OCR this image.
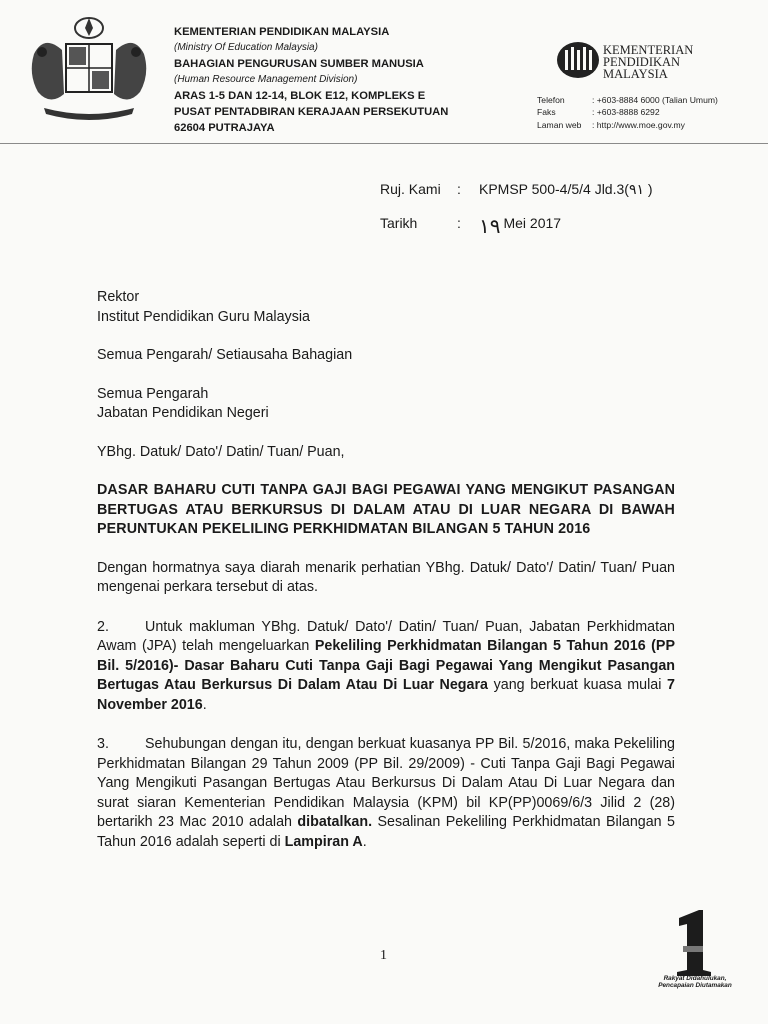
KEMENTERIAN PENDIDIKAN MALAYSIA
(Ministry Of Education Malaysia)
BAHAGIAN PENGURUSAN SUMBER MANUSIA
(Human Resource Management Division)
ARAS 1-5 DAN 12-14, BLOK E12, KOMPLEKS E
PUSAT PENTADBIRAN KERAJAAN PERSEKUTUAN
62604 PUTRAJAYA
KEMENTERIAN
PENDIDIKAN
MALAYSIA
Telefon	: +603-8884 6000 (Talian Umum)
Faks	: +603-8888 6292
Laman web	: http://www.moe.gov.my
Ruj. Kami	:	KPMSP 500-4/5/4 Jld.3(٩١ )
Tarikh	: ١٩ Mei 2017

Rektor
Institut Pendidikan Guru Malaysia

Semua Pengarah/ Setiausaha Bahagian

Semua Pengarah
Jabatan Pendidikan Negeri

YBhg. Datuk/ Dato'/ Datin/ Tuan/ Puan,

DASAR BAHARU CUTI TANPA GAJI BAGI PEGAWAI YANG MENGIKUT PASANGAN BERTUGAS ATAU BERKURSUS DI DALAM ATAU DI LUAR NEGARA DI BAWAH PERUNTUKAN PEKELILING PERKHIDMATAN BILANGAN 5 TAHUN 2016

Dengan hormatnya saya diarah menarik perhatian YBhg. Datuk/ Dato'/ Datin/ Tuan/ Puan mengenai perkara tersebut di atas.

2.	Untuk makluman YBhg. Datuk/ Dato'/ Datin/ Tuan/ Puan, Jabatan Perkhidmatan Awam (JPA) telah mengeluarkan Pekeliling Perkhidmatan Bilangan 5 Tahun 2016 (PP Bil. 5/2016)- Dasar Baharu Cuti Tanpa Gaji Bagi Pegawai Yang Mengikut Pasangan Bertugas Atau Berkursus Di Dalam Atau Di Luar Negara yang berkuat kuasa mulai 7 November 2016.

3.	Sehubungan dengan itu, dengan berkuat kuasanya PP Bil. 5/2016, maka Pekeliling Perkhidmatan Bilangan 29 Tahun 2009 (PP Bil. 29/2009) - Cuti Tanpa Gaji Bagi Pegawai Yang Mengikuti Pasangan Bertugas Atau Berkursus Di Dalam Atau Di Luar Negara dan surat siaran Kementerian Pendidikan Malaysia (KPM) bil KP(PP)0069/6/3 Jilid 2 (28) bertarikh 23 Mac 2010 adalah dibatalkan. Sesalinan Pekeliling Perkhidmatan Bilangan 5 Tahun 2016 adalah seperti di Lampiran A.

1
Rakyat Didahulukan,
Pencapaian Diutamakan
